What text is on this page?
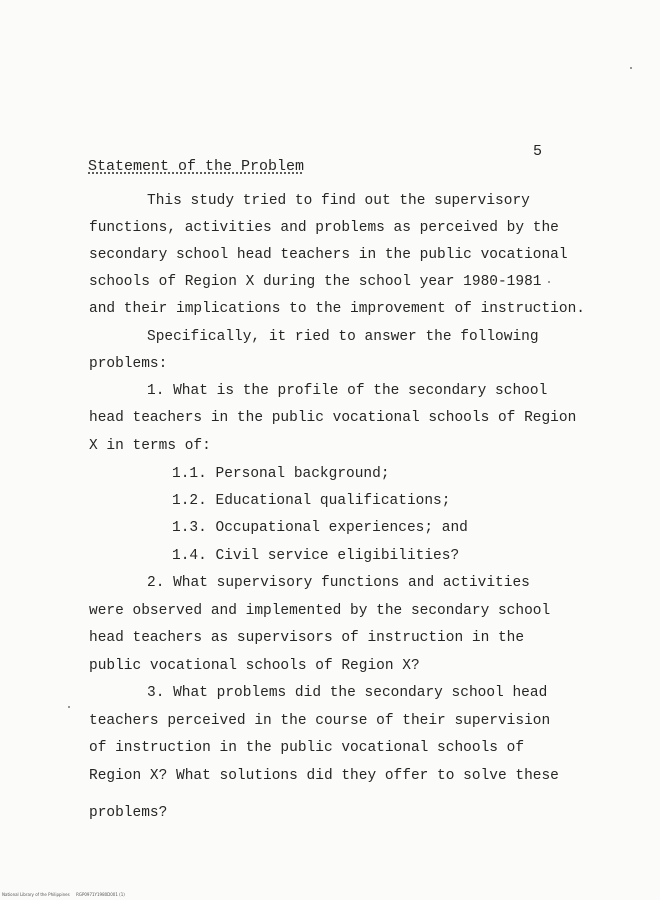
5
Statement of the Problem
This study tried to find out the supervisory
functions, activities and problems as perceived by the
secondary school head teachers in the public vocational
schools of Region X during the school year 1980-1981
and their implications to the improvement of instruction.
Specifically, it ried to answer the following
problems:
1. What is the profile of the secondary school
head teachers in the public vocational schools of Region
X in terms of:
1.1. Personal background;
1.2. Educational qualifications;
1.3. Occupational experiences; and
1.4. Civil service eligibilities?
2. What supervisory functions and activities
were observed and implemented by the secondary school
head teachers as supervisors of instruction in the
public vocational schools of Region X?
3. What problems did the secondary school head
teachers perceived in the course of their supervision
of instruction in the public vocational schools of
Region X? What solutions did they offer to solve these
problems?
National Library of the Philippines     RGP0971Y1980D001 (1)
